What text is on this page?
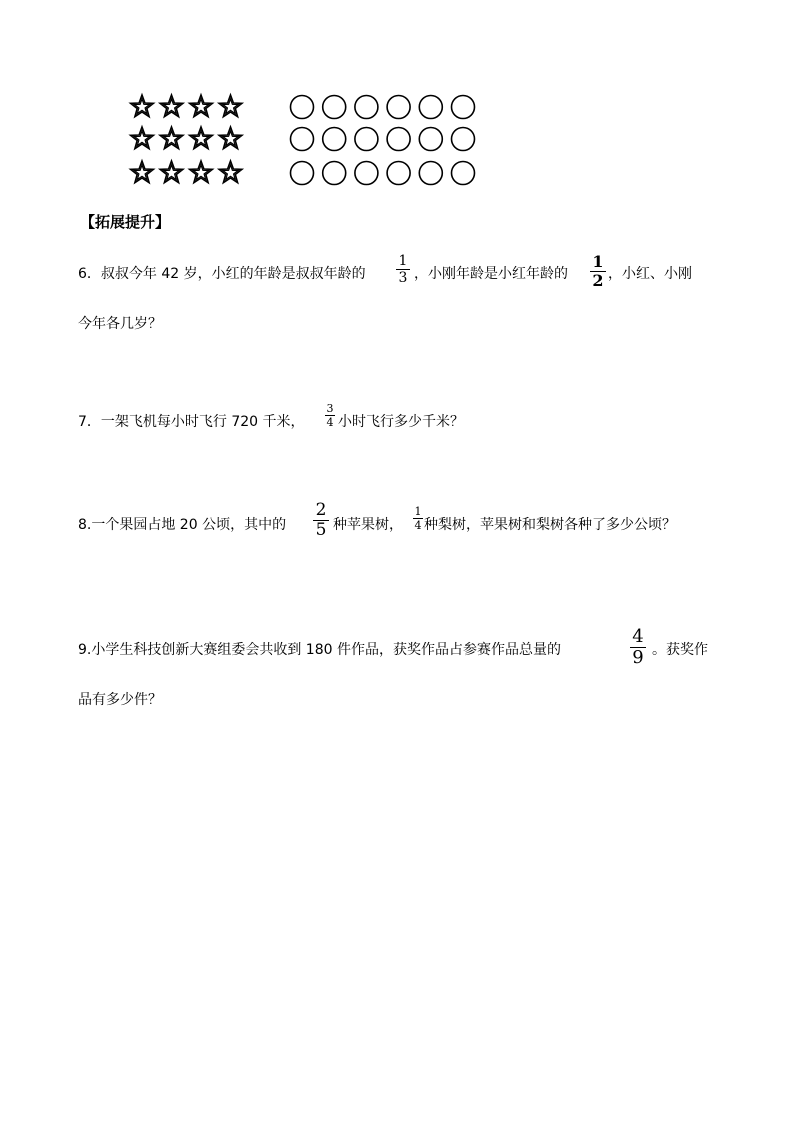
【拓展提升】
6．叔叔今年 42 岁，小红的年龄是叔叔年龄的
1
3 ，小刚年龄是小红年龄的
1
2 ，小红、小刚
今年各几岁？
7．一架飞机每小时飞行 720 千米，
3
4 小时飞行多少千米？
8.一个果园占地 20 公顷，其中的
2
5 种苹果树，
1
4 种梨树，苹果树和梨树各种了多少公顷？
9.小学生科技创新大赛组委会共收到 180 件作品，获奖作品占参赛作品总量的
4
9 。获奖作
品有多少件？
